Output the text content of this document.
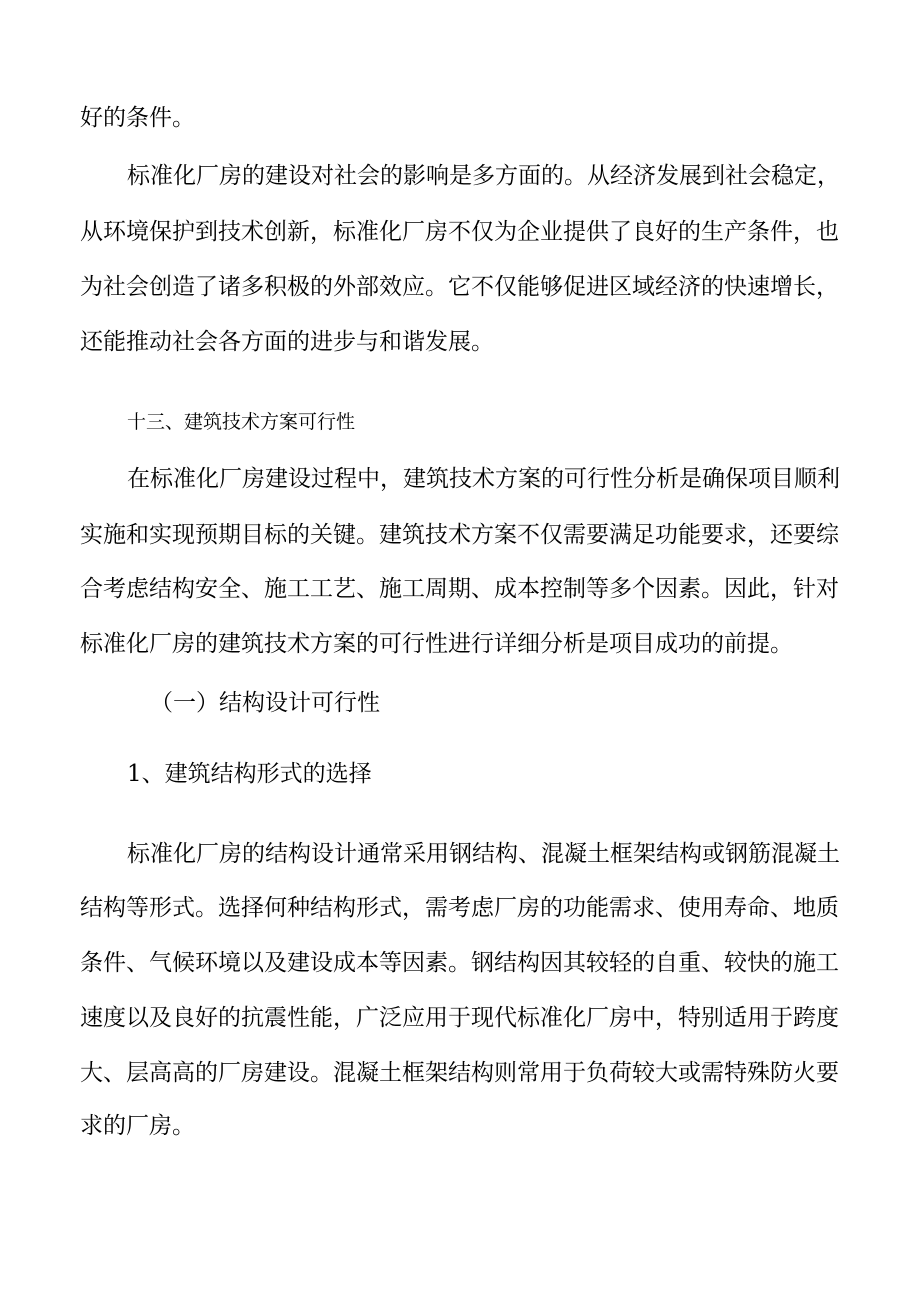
好的条件。
标准化厂房的建设对社会的影响是多方面的。从经济发展到社会稳定，
从环境保护到技术创新，标准化厂房不仅为企业提供了良好的生产条件，也
为社会创造了诸多积极的外部效应。它不仅能够促进区域经济的快速增长，
还能推动社会各方面的进步与和谐发展。
十三、建筑技术方案可行性
在标准化厂房建设过程中，建筑技术方案的可行性分析是确保项目顺利
实施和实现预期目标的关键。建筑技术方案不仅需要满足功能要求，还要综
合考虑结构安全、施工工艺、施工周期、成本控制等多个因素。因此，针对
标准化厂房的建筑技术方案的可行性进行详细分析是项目成功的前提。
（一）结构设计可行性
1、建筑结构形式的选择
标准化厂房的结构设计通常采用钢结构、混凝土框架结构或钢筋混凝土
结构等形式。选择何种结构形式，需考虑厂房的功能需求、使用寿命、地质
条件、气候环境以及建设成本等因素。钢结构因其较轻的自重、较快的施工
速度以及良好的抗震性能，广泛应用于现代标准化厂房中，特别适用于跨度
大、层高高的厂房建设。混凝土框架结构则常用于负荷较大或需特殊防火要
求的厂房。
